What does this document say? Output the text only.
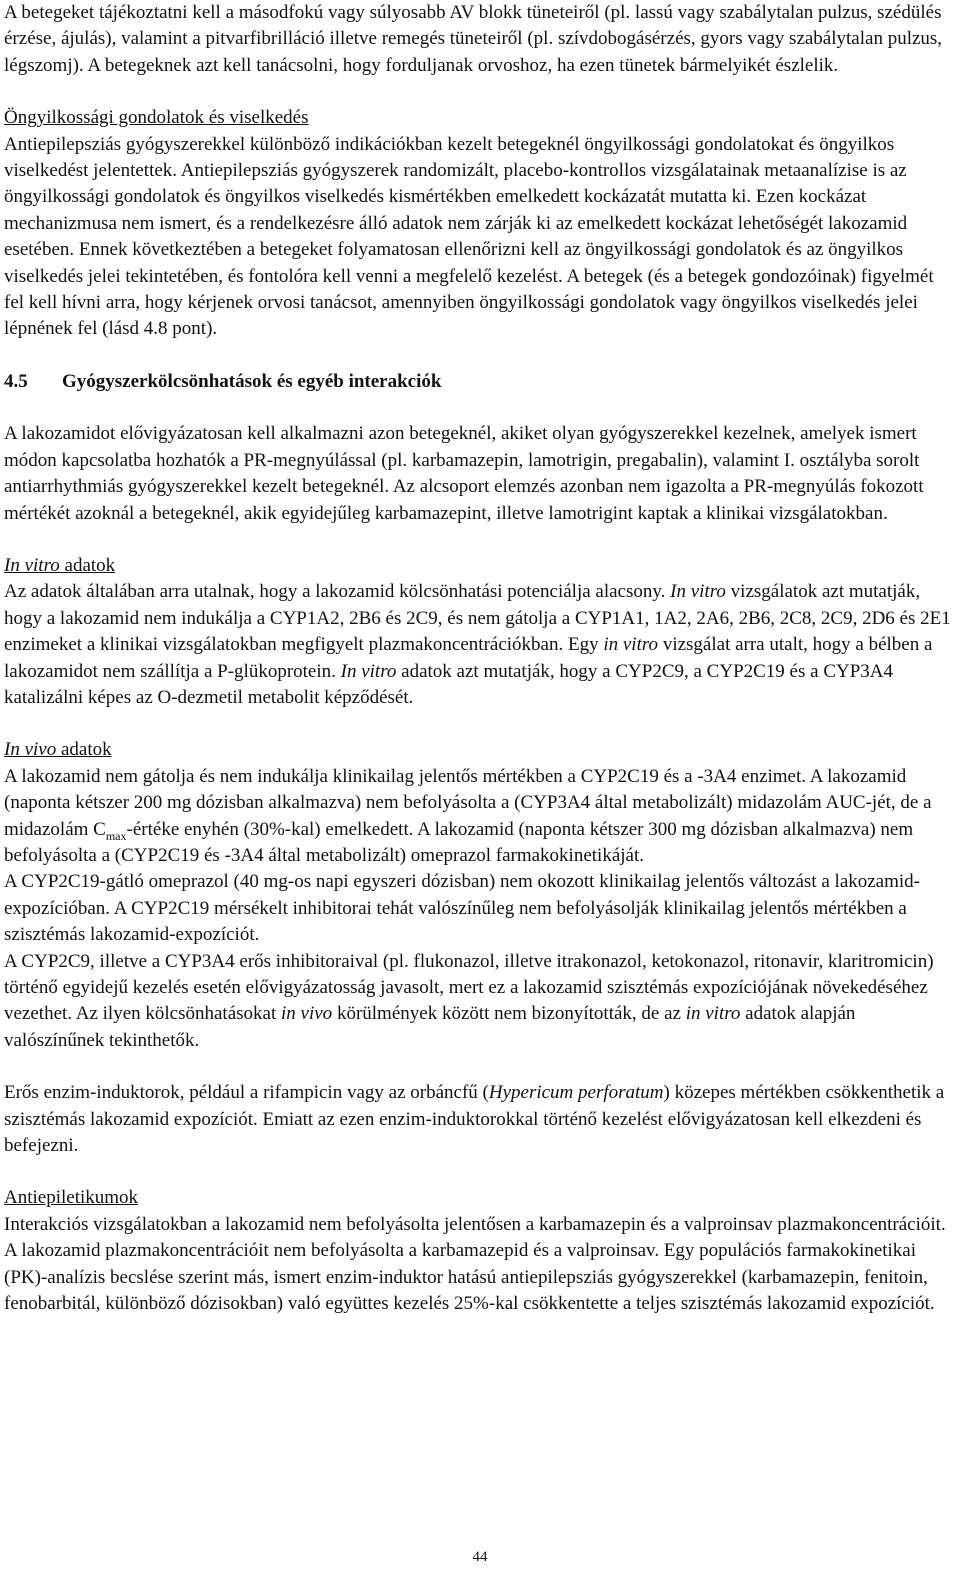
A betegeket tájékoztatni kell a másodfokú vagy súlyosabb AV blokk tüneteiről (pl. lassú vagy szabálytalan pulzus, szédülés érzése, ájulás), valamint a pitvarfibrilláció illetve remegés tüneteiről (pl. szívdobogásérzés, gyors vagy szabálytalan pulzus, légszomj). A betegeknek azt kell tanácsolni, hogy forduljanak orvoshoz, ha ezen tünetek bármelyikét észlelik.

Öngyilkossági gondolatok és viselkedés

Antiepilepsziás gyógyszerekkel különböző indikációkban kezelt betegeknél öngyilkossági gondolatokat és öngyilkos viselkedést jelentettek. Antiepilepsziás gyógyszerek randomizált, placebo-kontrollos vizsgálatainak metaanalízise is az öngyilkossági gondolatok és öngyilkos viselkedés kismértékben emelkedett kockázatát mutatta ki. Ezen kockázat mechanizmusa nem ismert, és a rendelkezésre álló adatok nem zárják ki az emelkedett kockázat lehetőségét lakozamid esetében. Ennek következtében a betegeket folyamatosan ellenőrizni kell az öngyilkossági gondolatok és az öngyilkos viselkedés jelei tekintetében, és fontolóra kell venni a megfelelő kezelést. A betegek (és a betegek gondozóinak) figyelmét fel kell hívni arra, hogy kérjenek orvosi tanácsot, amennyiben öngyilkossági gondolatok vagy öngyilkos viselkedés jelei lépnének fel (lásd 4.8 pont).

4.5 Gyógyszerkölcsönhatások és egyéb interakciók

A lakozamidot elővigyázatosan kell alkalmazni azon betegeknél, akiket olyan gyógyszerekkel kezelnek, amelyek ismert módon kapcsolatba hozhatók a PR-megnyúlással (pl. karbamazepin, lamotrigin, pregabalin), valamint I. osztályba sorolt antiarrhythmiás gyógyszerekkel kezelt betegeknél. Az alcsoport elemzés azonban nem igazolta a PR-megnyúlás fokozott mértékét azoknál a betegeknél, akik egyidejűleg karbamazepint, illetve lamotrigint kaptak a klinikai vizsgálatokban.

In vitro adatok

Az adatok általában arra utalnak, hogy a lakozamid kölcsönhatási potenciálja alacsony. In vitro vizsgálatok azt mutatják, hogy a lakozamid nem indukálja a CYP1A2, 2B6 és 2C9, és nem gátolja a CYP1A1, 1A2, 2A6, 2B6, 2C8, 2C9, 2D6 és 2E1 enzimeket a klinikai vizsgálatokban megfigyelt plazmakoncentrációkban. Egy in vitro vizsgálat arra utalt, hogy a bélben a lakozamidot nem szállítja a P-glükoprotein. In vitro adatok azt mutatják, hogy a CYP2C9, a CYP2C19 és a CYP3A4 katalizálni képes az O-dezmetil metabolit képződését.

In vivo adatok

A lakozamid nem gátolja és nem indukálja klinikailag jelentős mértékben a CYP2C19 és a -3A4 enzimet. A lakozamid (naponta kétszer 200 mg dózisban alkalmazva) nem befolyásolta a (CYP3A4 által metabolizált) midazolám AUC-jét, de a midazolám $C_{max}$-értéke enyhén (30%-kal) emelkedett. A lakozamid (naponta kétszer 300 mg dózisban alkalmazva) nem befolyásolta a (CYP2C19 és -3A4 által metabolizált) omeprazol farmakokinetikáját.

A CYP2C19-gátló omeprazol (40 mg-os napi egyszeri dózisban) nem okozott klinikailag jelentős változást a lakozamid-expozícióban. A CYP2C19 mérsékelt inhibitorai tehát valószínűleg nem befolyásolják klinikailag jelentős mértékben a szisztémás lakozamid-expozíciót.

A CYP2C9, illetve a CYP3A4 erős inhibitoraival (pl. flukonazol, illetve itrakonazol, ketokonazol, ritonavir, klaritromicin) történő egyidejű kezelés esetén elővigyázatosság javasolt, mert ez a lakozamid szisztémás expozíciójának növekedéséhez vezethet. Az ilyen kölcsönhatásokat in vivo körülmények között nem bizonyították, de az in vitro adatok alapján valószínűnek tekinthetők.

Erős enzim-induktorok, például a rifampicin vagy az orbáncfű (Hypericum perforatum) közepes mértékben csökkenthetik a szisztémás lakozamid expozíciót. Emiatt az ezen enzim-induktorokkal történő kezelést elővigyázatosan kell elkezdeni és befejezni.

Antiepiletikumok

Interakciós vizsgálatokban a lakozamid nem befolyásolta jelentősen a karbamazepin és a valproinsav plazmakoncentrációit. A lakozamid plazmakoncentrációit nem befolyásolta a karbamazepid és a valproinsav. Egy populációs farmakokinetikai (PK)-analízis becslése szerint más, ismert enzim-induktor hatású antiepilepsziás gyógyszerekkel (karbamazepin, fenitoin, fenobarbitál, különböző dózisokban) való együttes kezelés 25%-kal csökkentette a teljes szisztémás lakozamid expozíciót.

44
